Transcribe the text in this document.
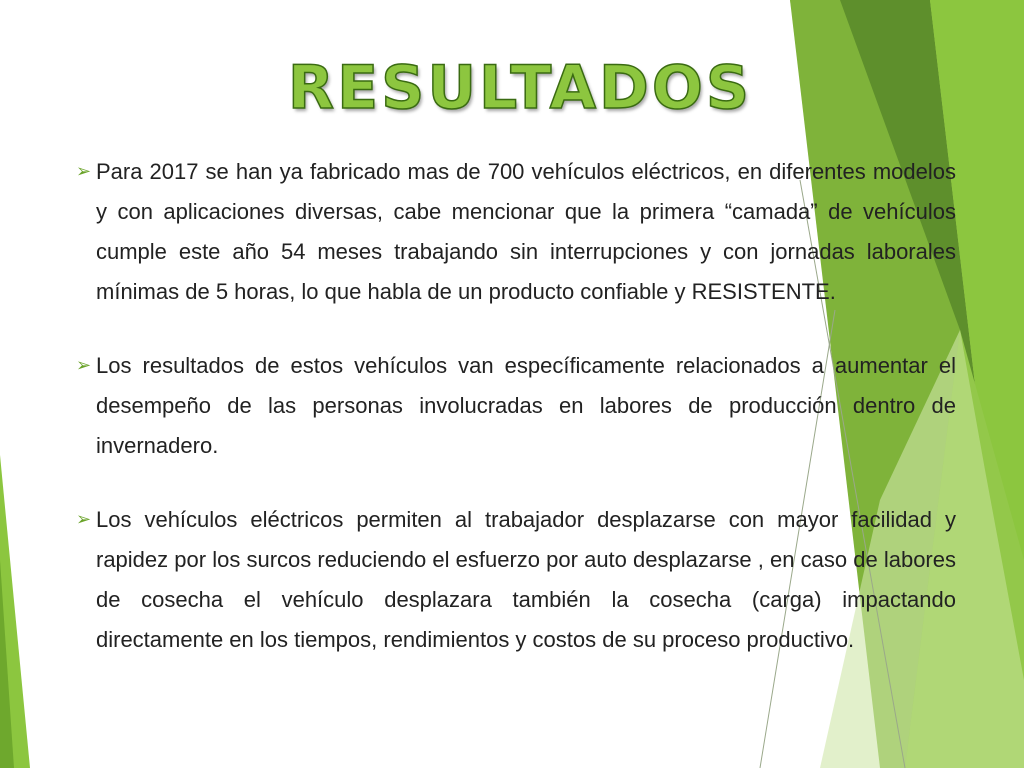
RESULTADOS

➢ Para 2017 se han ya fabricado mas de 700 vehículos eléctricos, en diferentes modelos y con aplicaciones diversas, cabe mencionar que la primera “camada” de vehículos cumple este año 54 meses trabajando sin interrupciones y con jornadas laborales mínimas de 5 horas, lo que habla de un producto confiable y RESISTENTE.

➢ Los resultados de estos vehículos van específicamente relacionados a aumentar el desempeño de las personas involucradas en labores de producción dentro de invernadero.

➢ Los vehículos eléctricos permiten al trabajador desplazarse con mayor facilidad y rapidez por los surcos reduciendo el esfuerzo por auto desplazarse , en caso de labores de cosecha el vehículo desplazara también la cosecha (carga) impactando directamente en los tiempos, rendimientos y costos de su proceso productivo.
